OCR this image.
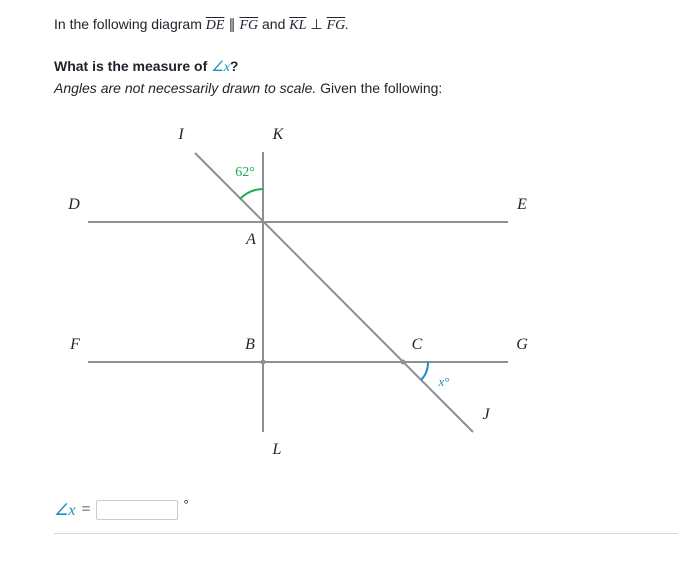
In the following diagram $\overline{DE}$ ∥ $\overline{FG}$ and $\overline{KL}$ ⊥ $\overline{FG}$.
What is the measure of ∠x?
Angles are not necessarily drawn to scale. Given the following:
62°
x°
I	K
D	E
A
F	G
B	C
J
L
∠x =	°
